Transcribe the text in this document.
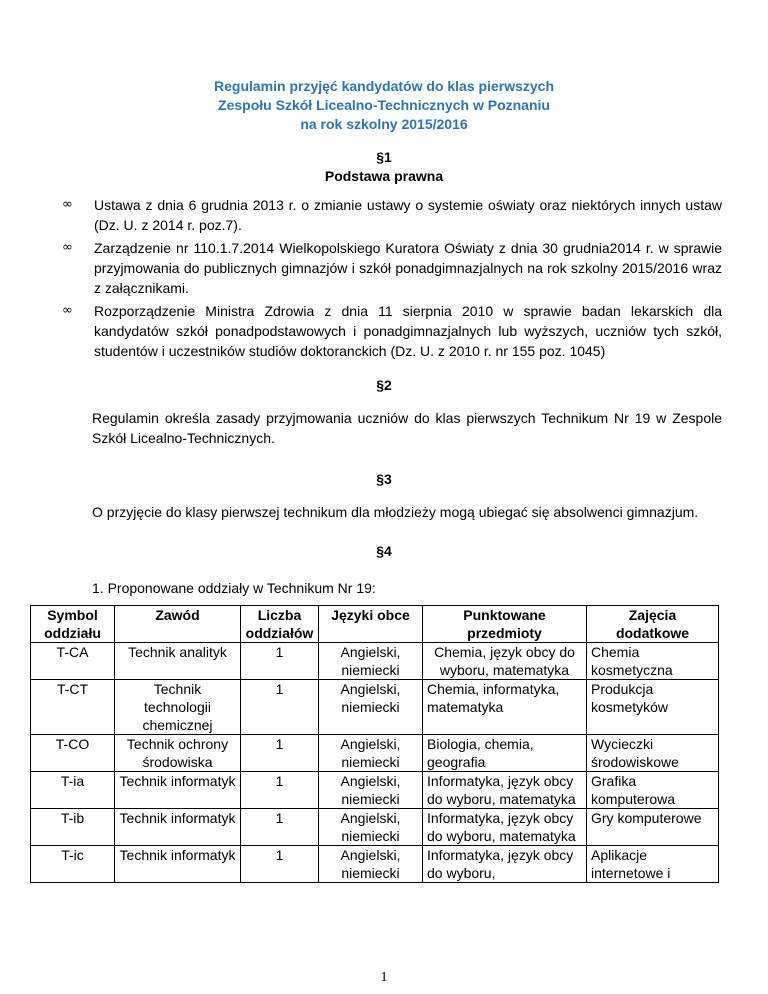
Regulamin przyjęć kandydatów do klas pierwszych
Zespołu Szkół Licealno-Technicznych w Poznaniu
na rok szkolny 2015/2016
§1
Podstawa prawna
∞	Ustawa z dnia 6 grudnia 2013 r. o zmianie ustawy o systemie oświaty oraz niektórych innych ustaw (Dz. U. z 2014 r. poz.7).
∞	Zarządzenie nr 110.1.7.2014 Wielkopolskiego Kuratora Oświaty z dnia 30 grudnia2014 r. w sprawie przyjmowania do publicznych gimnazjów i szkół ponadgimnazjalnych na rok szkolny 2015/2016 wraz z załącznikami.
∞	Rozporządzenie Ministra Zdrowia z dnia 11 sierpnia 2010 w sprawie badan lekarskich dla kandydatów szkół ponadpodstawowych i ponadgimnazjalnych lub wyższych, uczniów tych szkół, studentów i uczestników studiów doktoranckich (Dz. U. z 2010 r. nr 155 poz. 1045)
§2
Regulamin określa zasady przyjmowania uczniów do klas pierwszych Technikum Nr 19 w Zespole Szkół Licealno-Technicznych.
§3
O przyjęcie do klasy pierwszej technikum dla młodzieży mogą ubiegać się absolwenci gimnazjum.
§4
1. Proponowane oddziały w Technikum Nr 19:
Symbol oddziału	Zawód	Liczba oddziałów	Języki obce	Punktowane przedmioty	Zajęcia dodatkowe
T-CA	Technik analityk	1	Angielski, niemiecki	Chemia, język obcy do wyboru, matematyka	Chemia kosmetyczna
T-CT	Technik technologii chemicznej	1	Angielski, niemiecki	Chemia, informatyka, matematyka	Produkcja kosmetyków
T-CO	Technik ochrony środowiska	1	Angielski, niemiecki	Biologia, chemia, geografia	Wycieczki środowiskowe
T-ia	Technik informatyk	1	Angielski, niemiecki	Informatyka, język obcy do wyboru, matematyka	Grafika komputerowa
T-ib	Technik informatyk	1	Angielski, niemiecki	Informatyka, język obcy do wyboru, matematyka	Gry komputerowe
T-ic	Technik informatyk	1	Angielski, niemiecki	Informatyka, język obcy do wyboru,	Aplikacje internetowe i
1
